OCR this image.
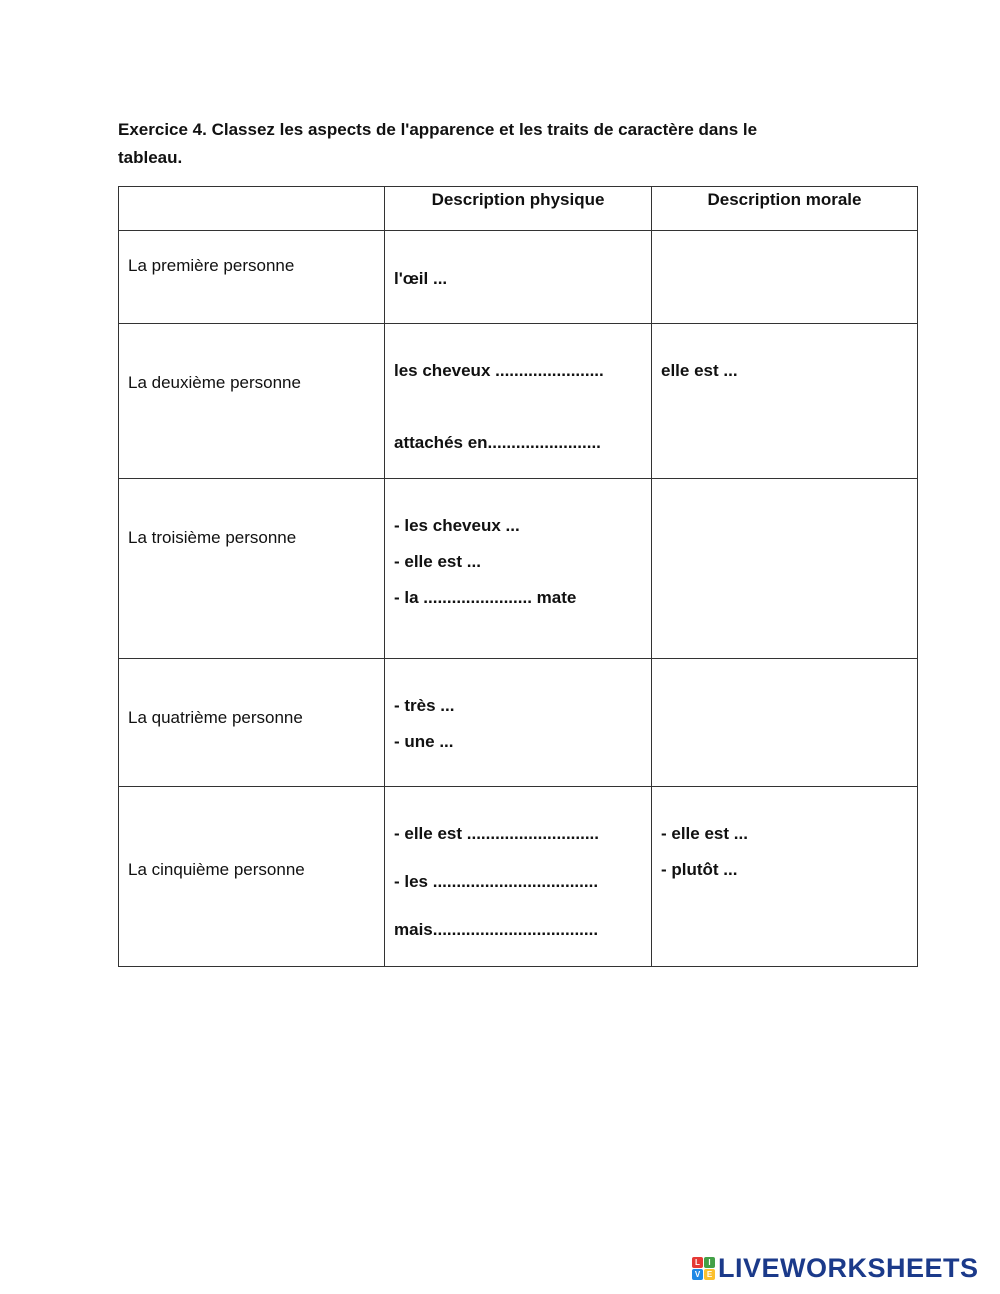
Exercice 4. Classez les aspects de l'apparence et les traits de caractère dans le
tableau.
	Description physique	Description morale

La première personne	l'œil ...	

La deuxième personne	les cheveux .......................
attachés en........................	elle est ...

La troisième personne	- les cheveux ...
- elle est ...
- la ....................... mate	

La quatrième personne	- très ...
- une ...	

La cinquième personne	- elle est ............................
- les ...................................
mais...................................	- elle est ...
- plutôt ...
L	I
V E LIVEWORKSHEETS
